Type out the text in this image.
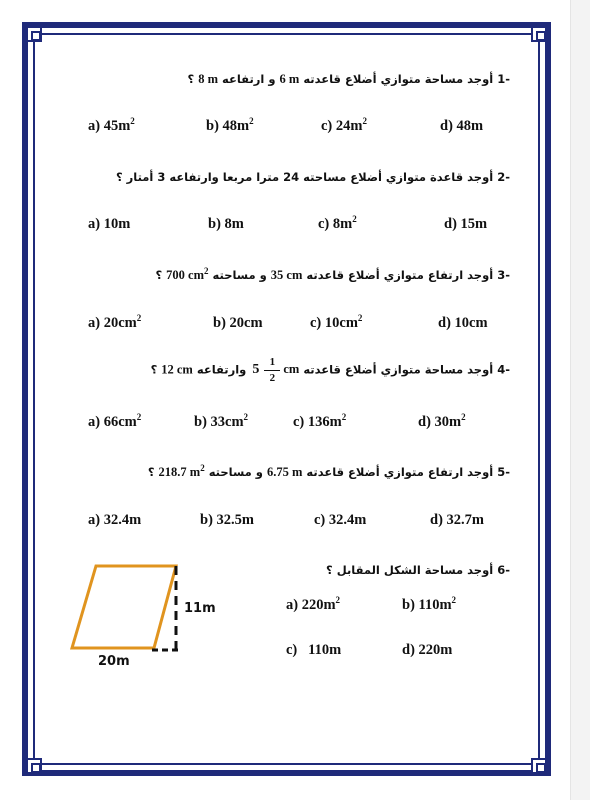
-1 أوجد مساحة متوازي أضلاع قاعدته 6 m و ارتفاعه 8 m ؟
a) $45m^2$	b) $48m^2$	c) $24m^2$	d) 48m
-2 أوجد قاعدة متوازي أضلاع مساحته 24 مترا مربعا وارتفاعه 3 أمتار ؟
a) 10m	b) 8m	c) $8m^2$	d) 15m
-3 أوجد ارتفاع متوازي أضلاع قاعدته 35 cm و مساحته 700 $cm^2$ ؟
a) $20cm^2$	b) 20cm	c) $10cm^2$	d) 10cm
-4 أوجد مساحة متوازي أضلاع قاعدته $5 \frac{1}{2}$ cm وارتفاعه 12 cm ؟
a) $66cm^2$	b) $33cm^2$	c) $136m^2$	d) $30m^2$
-5 أوجد ارتفاع متوازي أضلاع قاعدته 6.75 m و مساحته 218.7 $m^2$ ؟
a) 32.4m	b) 32.5m	c) 32.4m	d) 32.7m
-6 أوجد مساحة الشكل المقابل ؟
11m
20m
a) $220m^2$	b) $110m^2$
c)   110m	d) 220m
